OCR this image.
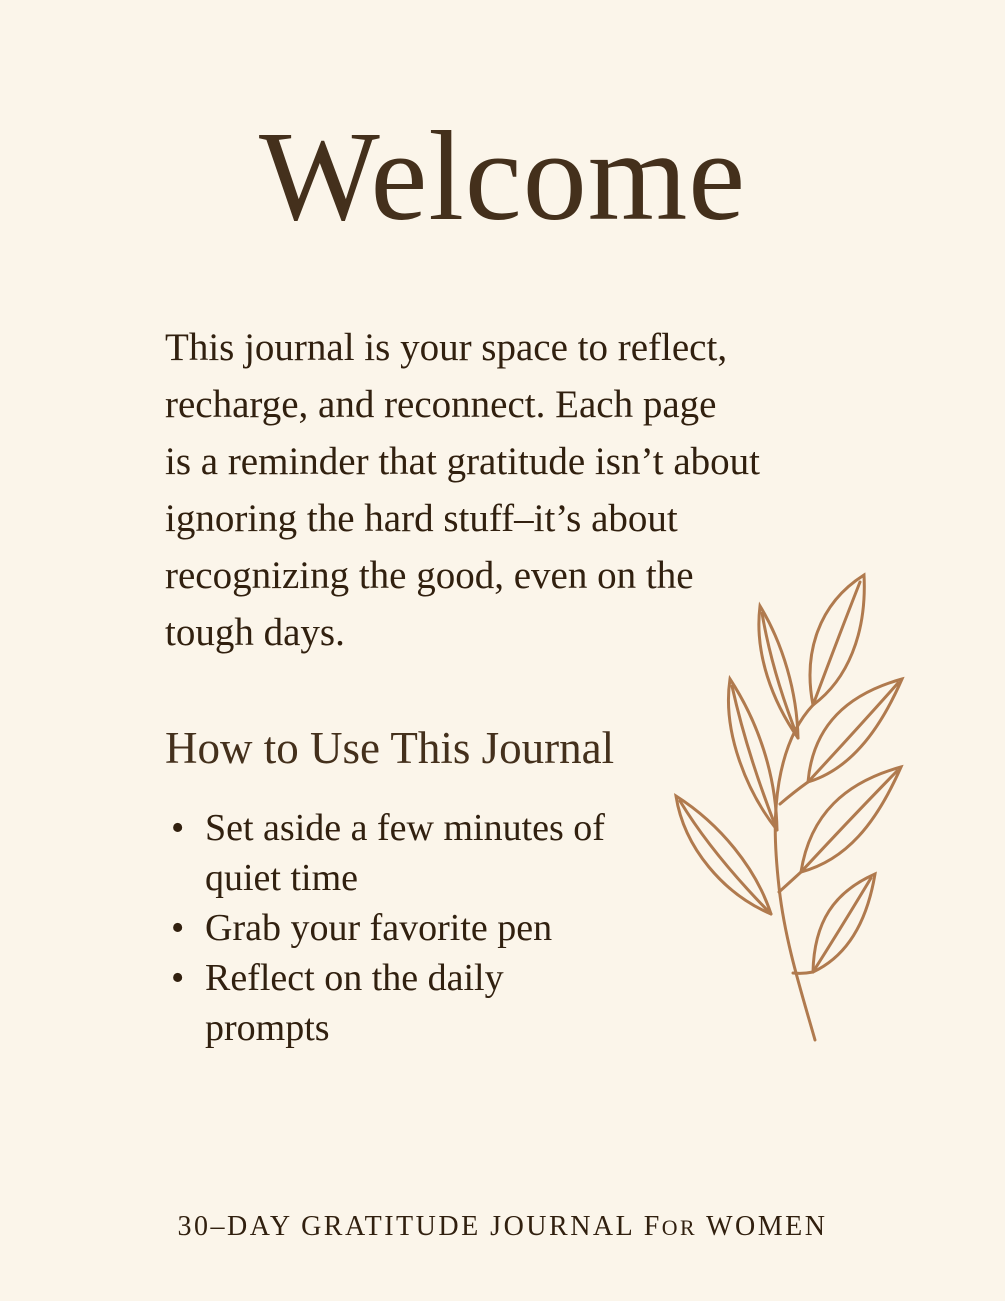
Welcome
This journal is your space to reflect,
recharge, and reconnect. Each page
is a reminder that gratitude isn’t about
ignoring the hard stuff–it’s about
recognizing the good, even on the
tough days.
How to Use This Journal
• Set aside a few minutes of quiet time
• Grab your favorite pen
• Reflect on the daily prompts
30–DAY GRATITUDE JOURNAL FOR WOMEN
